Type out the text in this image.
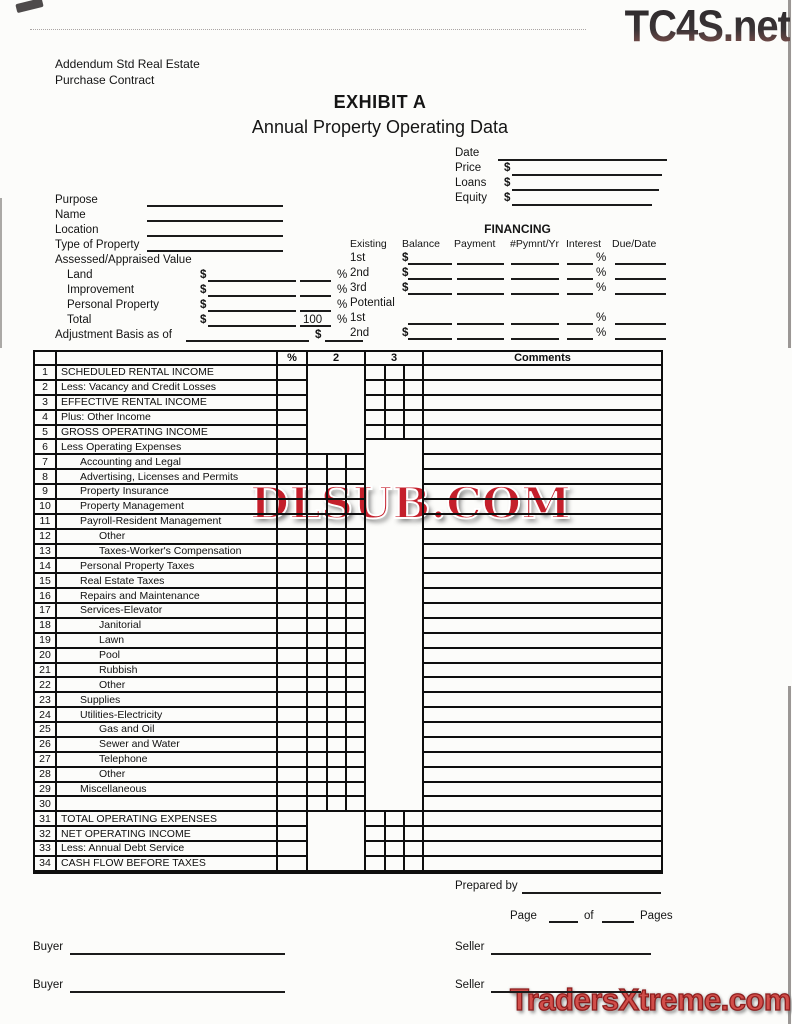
TC4S.net
DLSUB.COM
TradersXtreme.com
Addendum Std Real Estate
Purchase Contract
EXHIBIT A
Annual Property Operating Data
Date
Price $
Loans $
Equity $
Purpose
Name
Location
Type of Property
Assessed/Appraised Value
Land	$	%
Improvement	$	%
Personal Property	$	%
Total	$	100 %
Adjustment Basis as of	$
FINANCING
Existing Balance Payment #Pymnt/Yr Interest Due/Date
1st	$	%
2nd	$	%
3rd	$	%
Potential
1st	%
2nd	$	%
%	2	3	Comments
1	SCHEDULED RENTAL INCOME
2	Less: Vacancy and Credit Losses
3	EFFECTIVE RENTAL INCOME
4	Plus: Other Income
5	GROSS OPERATING INCOME
6	Less Operating Expenses
7	Accounting and Legal
8	Advertising, Licenses and Permits
9	Property Insurance
10	Property Management
11	Payroll-Resident Management
12	Other
13	Taxes-Worker's Compensation
14	Personal Property Taxes
15	Real Estate Taxes
16	Repairs and Maintenance
17	Services-Elevator
18	Janitorial
19	Lawn
20	Pool
21	Rubbish
22	Other
23	Supplies
24	Utilities-Electricity
25	Gas and Oil
26	Sewer and Water
27	Telephone
28	Other
29	Miscellaneous
30
31 TOTAL OPERATING EXPENSES
32 NET OPERATING INCOME
33 Less: Annual Debt Service
34 CASH FLOW BEFORE TAXES
Prepared by
Page	of	Pages
Buyer
Buyer
Seller
Seller
